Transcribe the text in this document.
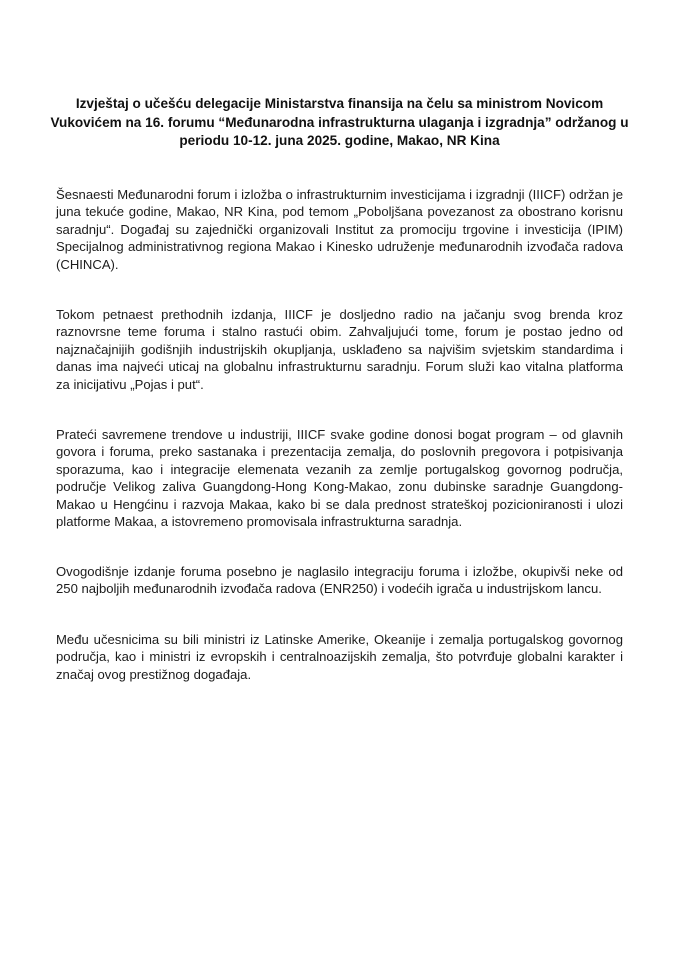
Izvještaj o učešću delegacije Ministarstva finansija na čelu sa ministrom Novicom Vukovićem na 16. forumu “Međunarodna infrastrukturna ulaganja i izgradnja” održanog u periodu 10-12. juna 2025. godine, Makao, NR Kina
Šesnaesti Međunarodni forum i izložba o infrastrukturnim investicijama i izgradnji (IIICF) održan je juna tekuće godine, Makao, NR Kina, pod temom „Poboljšana povezanost za obostrano korisnu saradnju“. Događaj su zajednički organizovali Institut za promociju trgovine i investicija (IPIM) Specijalnog administrativnog regiona Makao i Kinesko udruženje međunarodnih izvođača radova (CHINCA).
Tokom petnaest prethodnih izdanja, IIICF je dosljedno radio na jačanju svog brenda kroz raznovrsne teme foruma i stalno rastući obim. Zahvaljujući tome, forum je postao jedno od najznačajnijih godišnjih industrijskih okupljanja, usklađeno sa najvišim svjetskim standardima i danas ima najveći uticaj na globalnu infrastrukturnu saradnju. Forum služi kao vitalna platforma za inicijativu „Pojas i put“.
Prateći savremene trendove u industriji, IIICF svake godine donosi bogat program – od glavnih govora i foruma, preko sastanaka i prezentacija zemalja, do poslovnih pregovora i potpisivanja sporazuma, kao i integracije elemenata vezanih za zemlje portugalskog govornog područja, područje Velikog zaliva Guangdong-Hong Kong-Makao, zonu dubinske saradnje Guangdong-Makao u Hengćinu i razvoja Makaa, kako bi se dala prednost strateškoj pozicioniranosti i ulozi platforme Makaa, a istovremeno promovisala infrastrukturna saradnja.
Ovogodišnje izdanje foruma posebno je naglasilo integraciju foruma i izložbe, okupivši neke od 250 najboljih međunarodnih izvođača radova (ENR250) i vodećih igrača u industrijskom lancu.
Među učesnicima su bili ministri iz Latinske Amerike, Okeanije i zemalja portugalskog govornog područja, kao i ministri iz evropskih i centralnoazijskih zemalja, što potvrđuje globalni karakter i značaj ovog prestižnog događaja.
